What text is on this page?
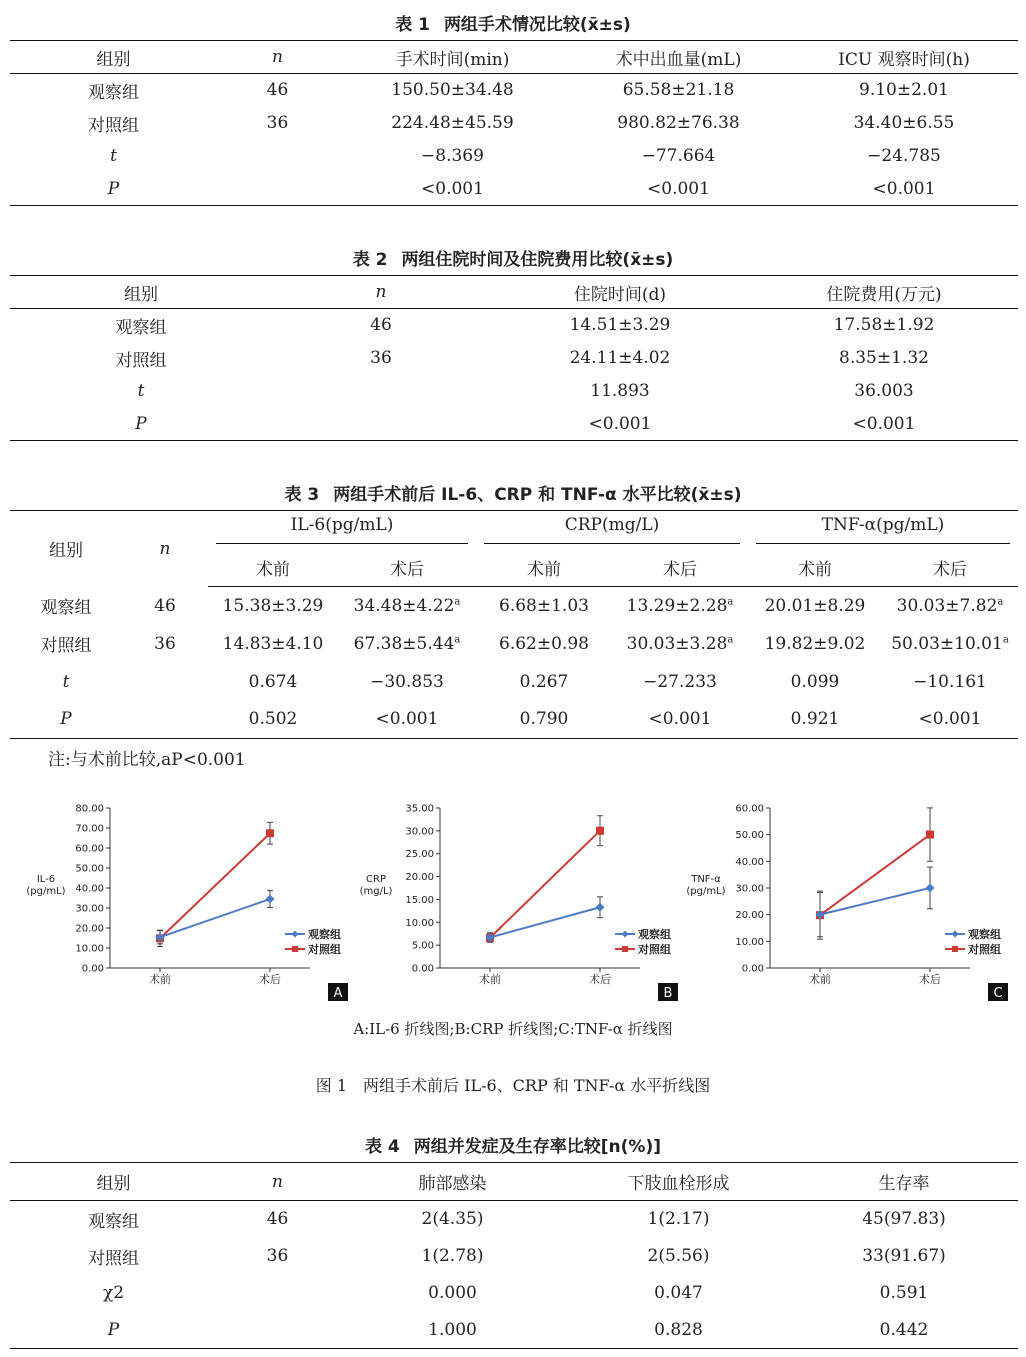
表 1 两组手术情况比较(x̄±s)
组别	n	手术时间(min)	术中出血量(mL)	ICU 观察时间(h)
观察组	46	150.50±34.48	65.58±21.18	9.10±2.01
对照组	36	224.48±45.59	980.82±76.38	34.40±6.55
t		−8.369	−77.664	−24.785
P		<0.001	<0.001	<0.001
表 2 两组住院时间及住院费用比较(x̄±s)
组别	n	住院时间(d)	住院费用(万元)
观察组	46	14.51±3.29	17.58±1.92
对照组	36	24.11±4.02	8.35±1.32
t		11.893	36.003
P		<0.001	<0.001
表 3 两组手术前后 IL-6、CRP 和 TNF-α 水平比较(x̄±s)
组别	n	IL-6(pg/mL)		CRP(mg/L)		TNF-α(pg/mL)	

		术前	术后	术前	术后	术前	术后
观察组	46	15.38±3.29	34.48±4.22$^a$	6.68±1.03	13.29±2.28$^a$	20.01±8.29	30.03±7.82$^a$
对照组	36	14.83±4.10	67.38±5.44$^a$	6.62±0.98	30.03±3.28$^a$	19.82±9.02	50.03±10.01$^a$
t		0.674	−30.853	0.267	−27.233	0.099	−10.161
P		0.502	<0.001	0.790	<0.001	0.921	<0.001
注:与术前比较,aP<0.001
0.00
10.00
20.00
30.00
40.00
50.00
60.00
70.00
80.00
IL-6
(pg/mL)
术前	术后
观察组
对照组
A
0.00
5.00
10.00
15.00
20.00
25.00
30.00
35.00
CRP
(mg/L)
术前	术后
观察组
对照组
B
0.00
10.00
20.00
30.00
40.00
50.00
60.00
TNF-α
(pg/mL)
术前	术后
观察组
对照组
C
A:IL-6 折线图;B:CRP 折线图;C:TNF-α 折线图
图 1　两组手术前后 IL-6、CRP 和 TNF-α 水平折线图
表 4 两组并发症及生存率比较[n(%)]
组别	n	肺部感染	下肢血栓形成	生存率
观察组	46	2(4.35)	1(2.17)	45(97.83)
对照组	36	1(2.78)	2(5.56)	33(91.67)
χ2		0.000	0.047	0.591
P		1.000	0.828	0.442
